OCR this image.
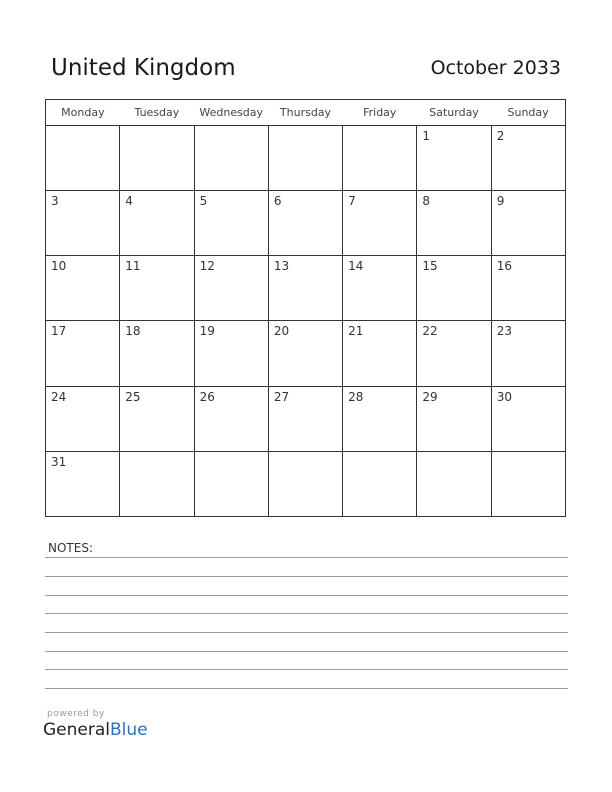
United Kingdom	October 2033
Monday	Tuesday	Wednesday	Thursday	Friday	Saturday	Sunday

					1	2

3	4	5	6	7	8	9

10	11	12	13	14	15	16

17	18	19	20	21	22	23

24	25	26	27	28	29	30

31						

NOTES:
powered by
GeneralBlue
